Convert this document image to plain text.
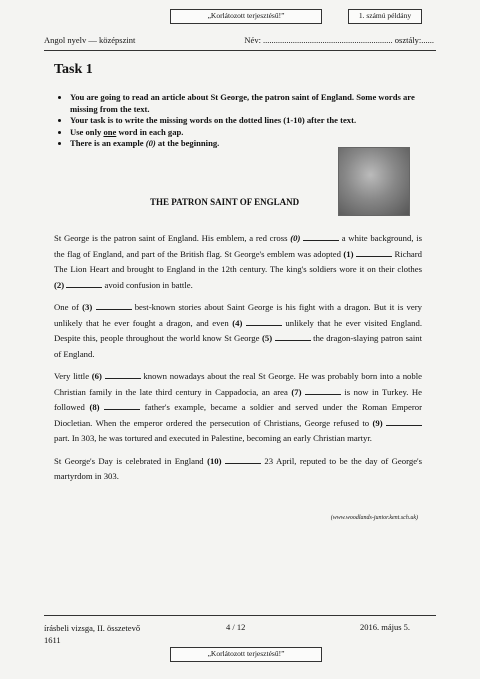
„Korlátozott terjesztésű!”	1. számú példány
Angol nyelv — középszint	Név: ............................................................. osztály:......
Task 1
• You are going to read an article about St George, the patron saint of England. Some words are missing from the text.
• Your task is to write the missing words on the dotted lines (1-10) after the text.
• Use only one word in each gap.
• There is an example (0) at the beginning.
THE PATRON SAINT OF ENGLAND

St George is the patron saint of England. His emblem, a red cross (0)	a white background, is the flag of England, and part of the British flag. St George's emblem was adopted (1)	Richard The Lion Heart and brought to England in the 12th century. The king's soldiers wore it on their clothes (2)	avoid confusion in battle.

One of (3)	best-known stories about Saint George is his fight with a dragon. But it is very unlikely that he ever fought a dragon, and even (4)	unlikely that he ever visited England. Despite this, people throughout the world know St George (5)	the dragon-slaying patron saint of England.

Very little (6)	known nowadays about the real St George. He was probably born into a noble Christian family in the late third century in Cappadocia, an area (7)	is now in Turkey. He followed (8)	father's example, became a soldier and served under the Roman Emperor Diocletian. When the emperor ordered the persecution of Christians, George refused to (9)  part. In 303, he was tortured and executed in Palestine, becoming an early Christian martyr.

St George's Day is celebrated in England (10)	23 April, reputed to be the day of George's martyrdom in 303.

(www.woodlands-junior.kent.sch.uk)
írásbeli vizsga, II. összetevő
1611
4 / 12	2016. május 5.
„Korlátozott terjesztésű!”
